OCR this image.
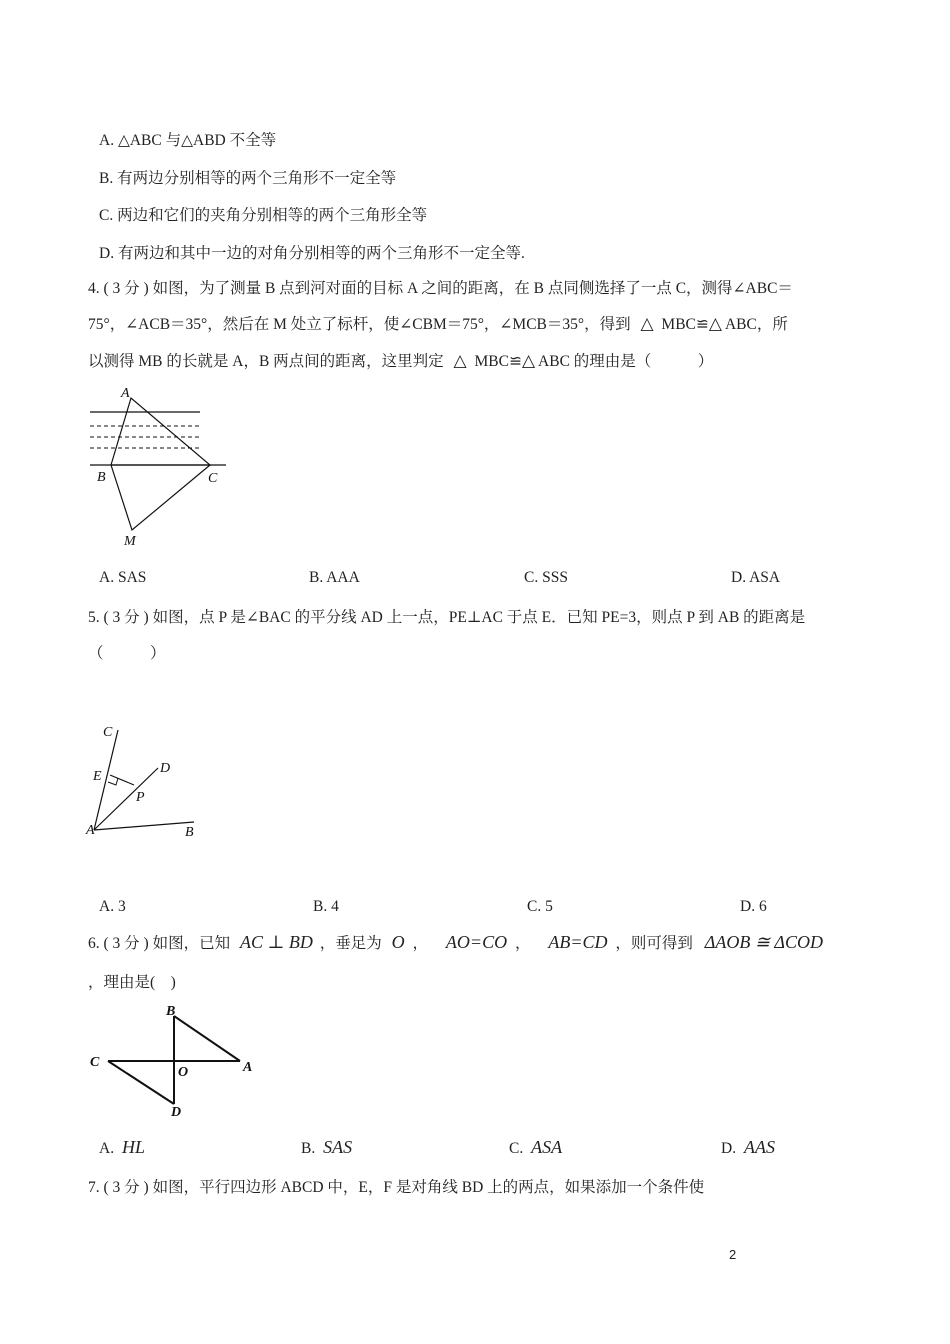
A. △ABC 与△ABD 不全等
B. 有两边分别相等的两个三角形不一定全等
C. 两边和它们的夹角分别相等的两个三角形全等
D. 有两边和其中一边的对角分别相等的两个三角形不一定全等.
4. ( 3 分 ) 如图，为了测量 B 点到河对面的目标 A 之间的距离，在 B 点同侧选择了一点 C，测得∠ABC＝
75°，∠ACB＝35°，然后在 M 处立了标杆，使∠CBM＝75°，∠MCB＝35°，得到 △ MBC≌△ ABC，所
以测得 MB 的长就是 A，B 两点间的距离，这里判定 △ MBC≌△ ABC 的理由是（　　　）
A
B	C
M
A. SAS	B. AAA	C. SSS	D. ASA
5. ( 3 分 ) 如图，点 P 是∠BAC 的平分线 AD 上一点，PE⊥AC 于点 E．已知 PE=3，则点 P 到 AB 的距离是
（　　　）
C
D
E
P
A	B
A. 3	B. 4	C. 5	D. 6
6. ( 3 分 ) 如图，已知 AC ⊥ BD ，垂足为 O ， AO=CO ， AB=CD ，则可得到 ΔAOB ≅ ΔCOD
，理由是(　)
B
C
O	A
D
A. HL	B. SAS	C. ASA	D. AAS
7. ( 3 分 ) 如图，平行四边形 ABCD 中，E，F 是对角线 BD 上的两点，如果添加一个条件使
2
